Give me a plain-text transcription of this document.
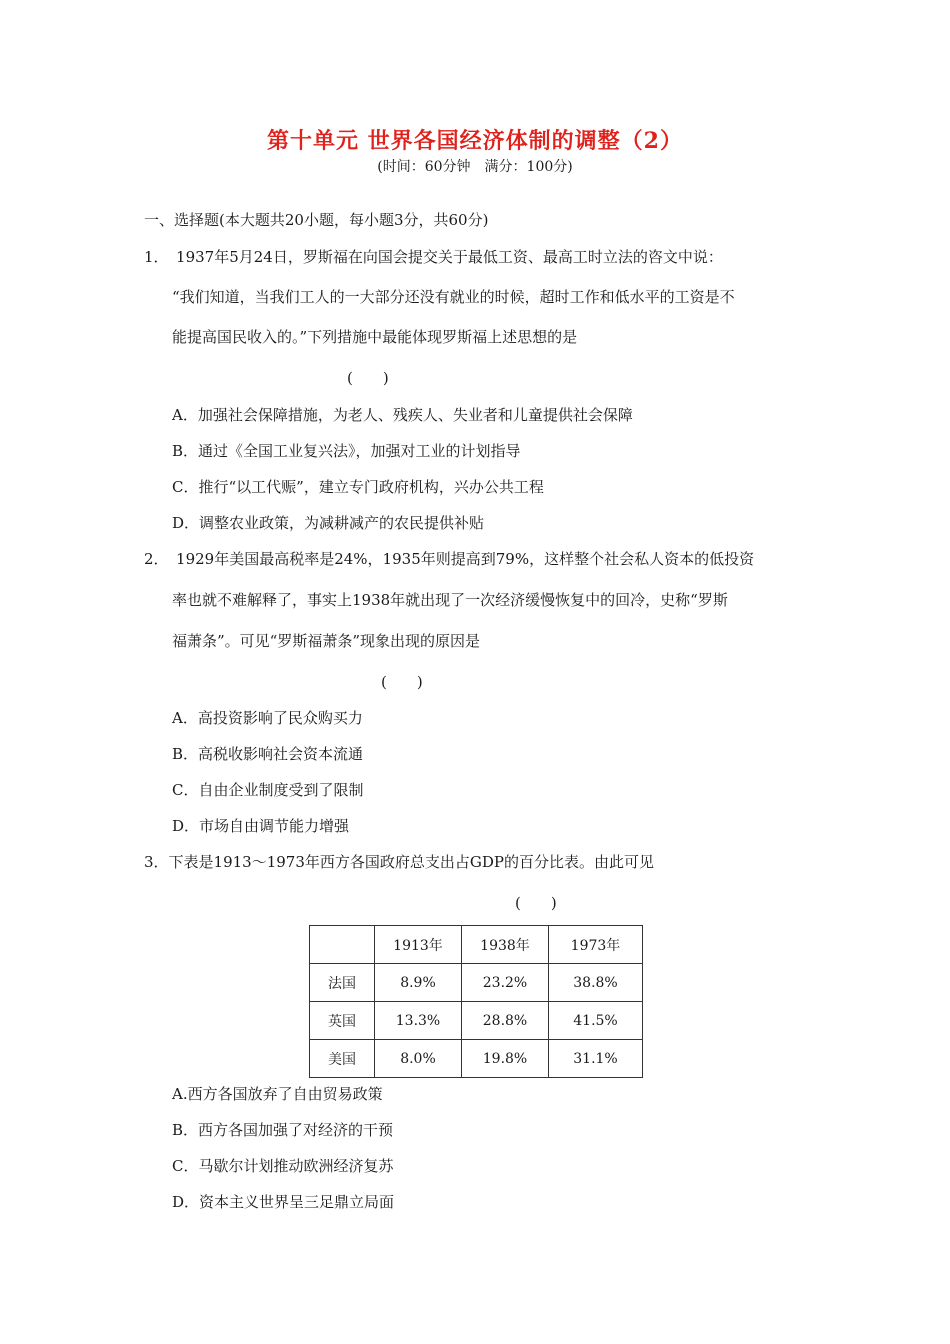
第十单元 世界各国经济体制的调整（2）
(时间：60分钟　满分：100分)
一、选择题(本大题共20小题，每小题3分，共60分)
1．　1937年5月24日，罗斯福在向国会提交关于最低工资、最高工时立法的咨文中说：
“我们知道，当我们工人的一大部分还没有就业的时候，超时工作和低水平的工资是不
能提高国民收入的。”下列措施中最能体现罗斯福上述思想的是
(　　)
A．加强社会保障措施，为老人、残疾人、失业者和儿童提供社会保障
B．通过《全国工业复兴法》，加强对工业的计划指导
C．推行“以工代赈”，建立专门政府机构，兴办公共工程
D．调整农业政策，为减耕减产的农民提供补贴
2．　1929年美国最高税率是24%，1935年则提高到79%，这样整个社会私人资本的低投资
率也就不难解释了，事实上1938年就出现了一次经济缓慢恢复中的回冷，史称“罗斯
福萧条”。可见“罗斯福萧条”现象出现的原因是
(　　)
A．高投资影响了民众购买力
B．高税收影响社会资本流通
C．自由企业制度受到了限制
D．市场自由调节能力增强
3．下表是1913～1973年西方各国政府总支出占GDP的百分比表。由此可见
(　　)
	1913年	1938年	1973年
法国	8.9%	23.2%	38.8%
英国	13.3%	28.8%	41.5%
美国	8.0%	19.8%	31.1%
A.西方各国放弃了自由贸易政策
B．西方各国加强了对经济的干预
C．马歇尔计划推动欧洲经济复苏
D．资本主义世界呈三足鼎立局面
